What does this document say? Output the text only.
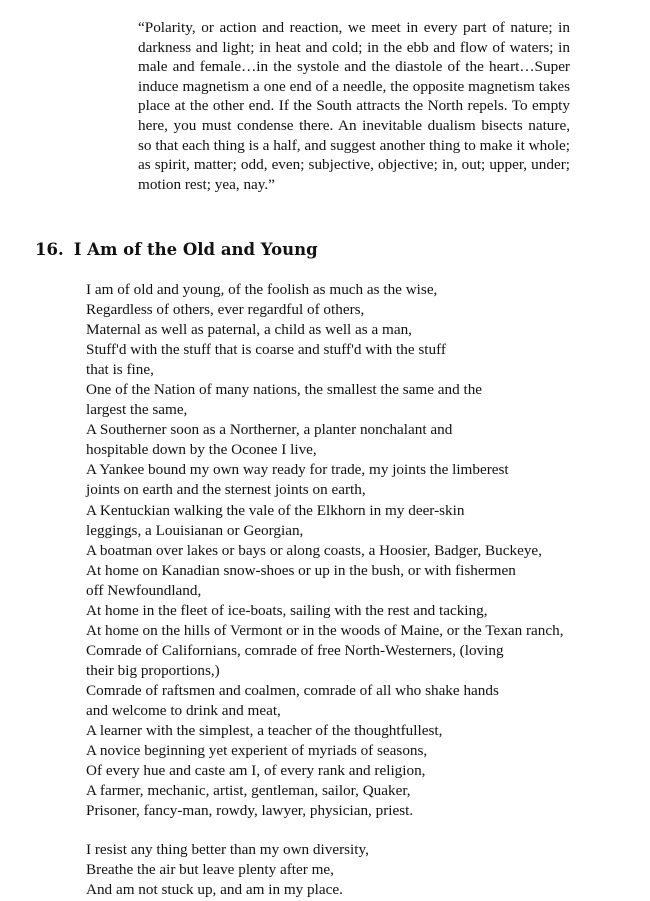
“Polarity, or action and reaction, we meet in every part of nature; in darkness and light; in heat and cold; in the ebb and flow of waters; in male and female…in the systole and the diastole of the heart…Super induce magnetism a one end of a needle, the opposite magnetism takes place at the other end. If the South attracts the North repels. To empty here, you must condense there. An inevitable dualism bisects nature, so that each thing is a half, and suggest another thing to make it whole; as spirit, matter; odd, even; subjective, objective; in, out; upper, under; motion rest; yea, nay.”

16. I Am of the Old and Young
I am of old and young, of the foolish as much as the wise,
Regardless of others, ever regardful of others,
Maternal as well as paternal, a child as well as a man,
Stuff'd with the stuff that is coarse and stuff'd with the stuff
that is fine,
One of the Nation of many nations, the smallest the same and the
largest the same,
A Southerner soon as a Northerner, a planter nonchalant and
hospitable down by the Oconee I live,
A Yankee bound my own way ready for trade, my joints the limberest
joints on earth and the sternest joints on earth,
A Kentuckian walking the vale of the Elkhorn in my deer-skin
leggings, a Louisianan or Georgian,
A boatman over lakes or bays or along coasts, a Hoosier, Badger, Buckeye,
At home on Kanadian snow-shoes or up in the bush, or with fishermen
off Newfoundland,
At home in the fleet of ice-boats, sailing with the rest and tacking,
At home on the hills of Vermont or in the woods of Maine, or the Texan ranch,
Comrade of Californians, comrade of free North-Westerners, (loving
their big proportions,)
Comrade of raftsmen and coalmen, comrade of all who shake hands
and welcome to drink and meat,
A learner with the simplest, a teacher of the thoughtfullest,
A novice beginning yet experient of myriads of seasons,
Of every hue and caste am I, of every rank and religion,
A farmer, mechanic, artist, gentleman, sailor, Quaker,
Prisoner, fancy-man, rowdy, lawyer, physician, priest.
I resist any thing better than my own diversity,
Breathe the air but leave plenty after me,
And am not stuck up, and am in my place.
